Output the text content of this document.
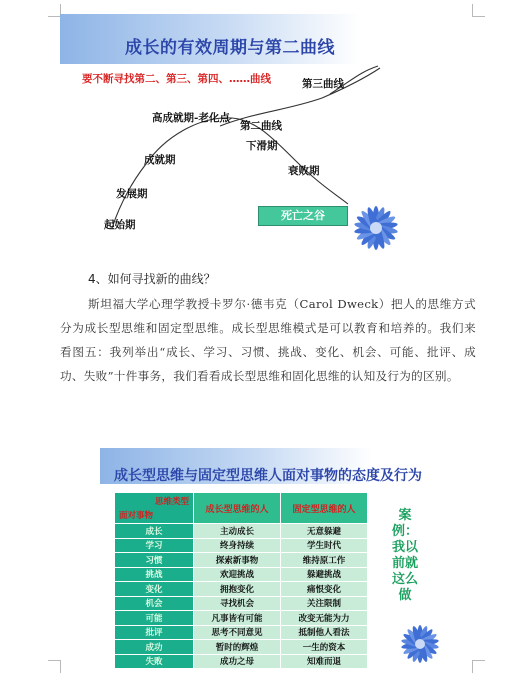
成长的有效周期与第二曲线
要不断寻找第二、第三、第四、……曲线
起始期
发展期
成就期
高成就期-老化点
第二曲线
第三曲线
下滑期
衰败期
死亡之谷
4、如何寻找新的曲线？
斯坦福大学心理学教授卡罗尔·德韦克（Carol Dweck）把人的思维方式分为成长型思维和固定型思维。成长型思维模式是可以教育和培养的。我们来看图五：我列举出“成长、学习、习惯、挑战、变化、机会、可能、批评、成功、失败”十件事务，我们看看成长型思维和固化思维的认知及行为的区别。
成长型思维与固定型思维人面对事物的态度及行为
思维类型
面对事物	成长型思维的人	固定型思维的人
成长	主动成长	无意躲避
学习	终身持续	学生时代
习惯	探索新事物	维持原工作
挑战	欢迎挑战	躲避挑战
变化	拥抱变化	痛恨变化
机会	寻找机会	关注限制
可能	凡事皆有可能	改变无能为力
批评	思考不同意见	抵制他人看法
成功	暂时的辉煌	一生的资本
失败	成功之母	知难而退
案例：我以前就这么做
